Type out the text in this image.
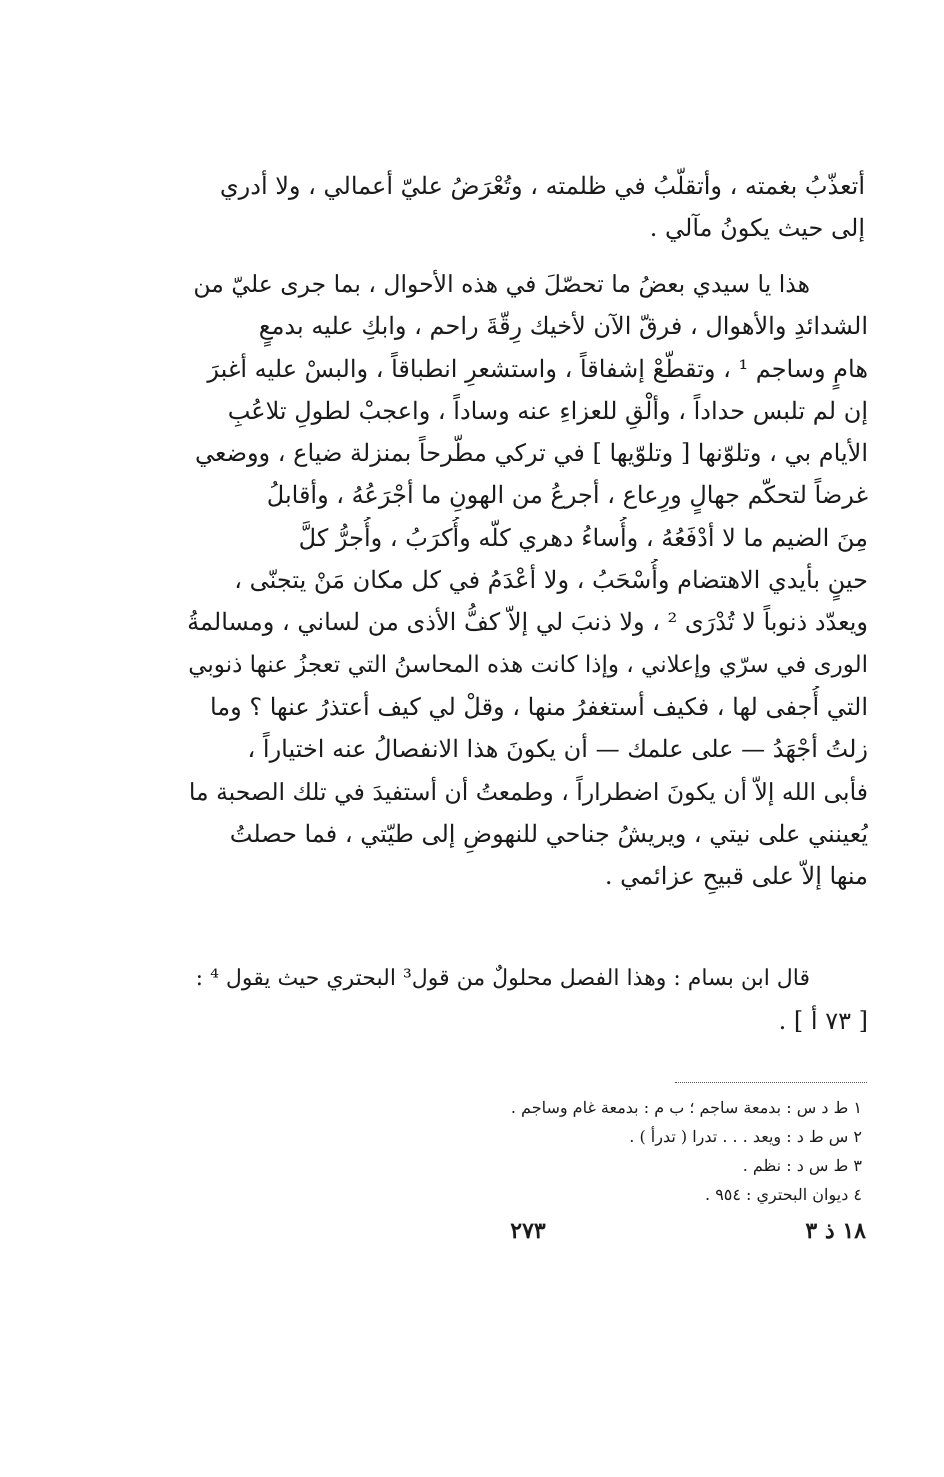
أتعذّبُ بغمته ، وأتقلّبُ في ظلمته ، وتُعْرَضُ عليّ أعمالي ، ولا أدري
إلى حيث يكونُ مآلي .
هذا يا سيدي بعضُ ما تحصّلَ في هذه الأحوال ، بما جرى عليّ من
الشدائدِ والأهوال ، فرقّ الآن لأخيك رِقّةَ راحم ، وابكِ عليه بدمعٍ
هامٍ وساجم ¹ ، وتقطّعْ إشفاقاً ، واستشعرِ انطباقاً ، والبسْ عليه أغبرَ
إن لم تلبس حداداً ، وألْقِ للعزاءِ عنه وساداً ، واعجبْ لطولِ تلاعُبِ
الأيام بي ، وتلوّنها [ وتلوّيها ] في تركي مطّرحاً بمنزلة ضياع ، ووضعي
غرضاً لتحكّم جهالٍ ورِعاع ، أجرعُ من الهونِ ما أجْرَعُهُ ، وأقابلُ
مِنَ الضيم ما لا أدْفَعُهُ ، وأُساءُ دهري كلّه وأُكرَبُ ، وأُجرُّ كلَّ
حينٍ بأيدي الاهتضام وأُسْحَبُ ، ولا أعْدَمُ في كل مكان مَنْ يتجنّى ،
ويعدّد ذنوباً لا تُدْرَى ² ، ولا ذنبَ لي إلاّ كفُّ الأذى من لساني ، ومسالمةُ
الورى في سرّي وإعلاني ، وإذا كانت هذه المحاسنُ التي تعجزُ عنها ذنوبي
التي أُجفى لها ، فكيف أستغفرُ منها ، وقلْ لي كيف أعتذرُ عنها ؟ وما
زلتُ أجْهَدُ — على علمك — أن يكونَ هذا الانفصالُ عنه اختياراً ،
فأبى الله إلاّ أن يكونَ اضطراراً ، وطمعتُ أن أستفيدَ في تلك الصحبة ما
يُعينني على نيتي ، ويريشُ جناحي للنهوضِ إلى طيّتي ، فما حصلتُ
منها إلاّ على قبيحِ عزائمي .
قال ابن بسام : وهذا الفصل محلولٌ من قول³ البحتري حيث يقول ⁴ :
[ ٧٣ أ ] .
١ ط د س : بدمعة ساجم ؛ ب م : بدمعة غام وساجم .
٢ س ط د : ويعد . . . تدرا ( تدرأ ) .
٣ ط س د : نظم .
٤ ديوان البحتري : ٩٥٤ .
٢٧٣	١٨ ذ ٣
